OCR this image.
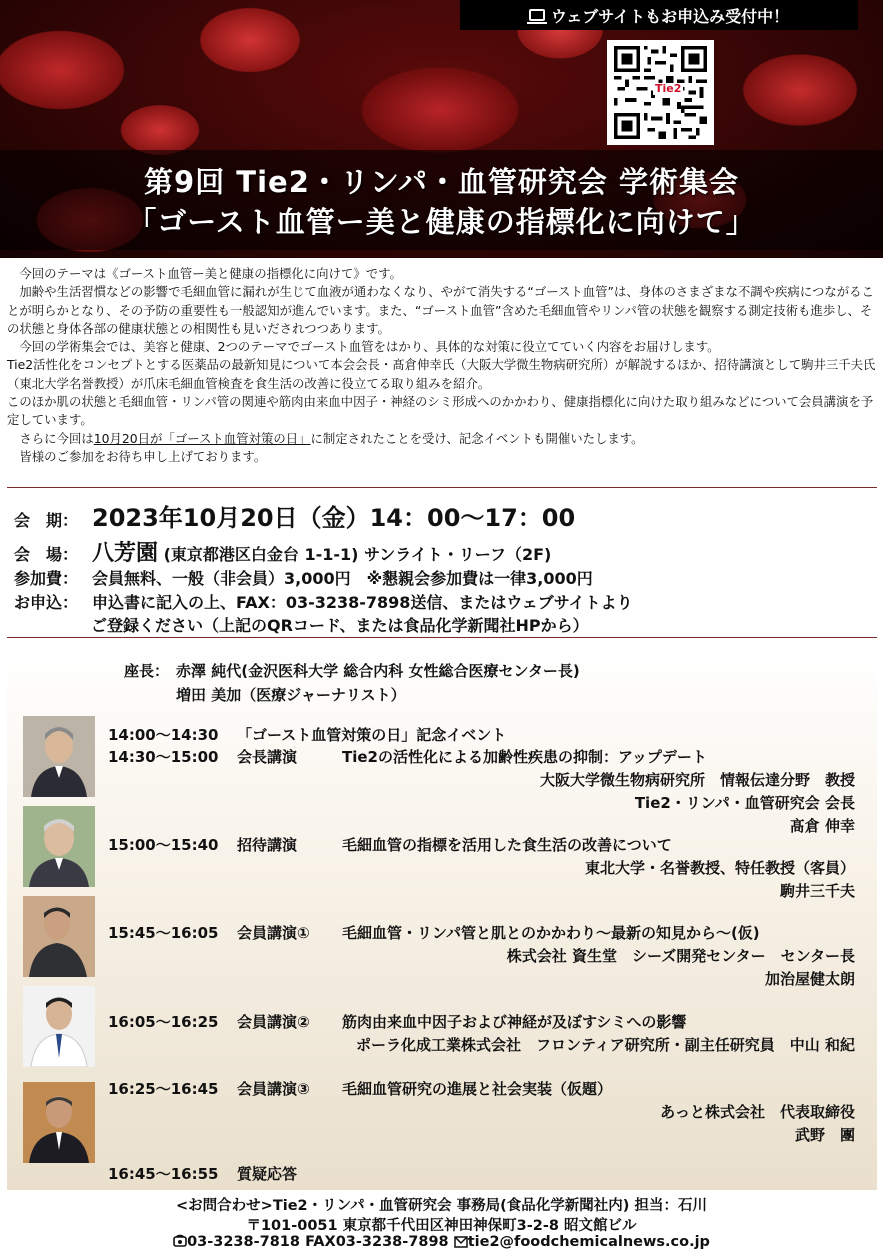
ウェブサイトもお申込み受付中！
Tie2
第9回 Tie2・リンパ・血管研究会 学術集会
「ゴースト血管ー美と健康の指標化に向けて」

　今回のテーマは《ゴースト血管ー美と健康の指標化に向けて》です。

　加齢や生活習慣などの影響で毛細血管に漏れが生じて血液が通わなくなり、やがて消失する“ゴースト血管”は、身体のさまざまな不調や疾病につながることが明らかとなり、その予防の重要性も一般認知が進んでいます。また、“ゴースト血管”含めた毛細血管やリンパ管の状態を観察する測定技術も進歩し、その状態と身体各部の健康状態との相関性も見いだされつつあります。

　今回の学術集会では、美容と健康、2つのテーマでゴースト血管をはかり、具体的な対策に役立てていく内容をお届けします。

Tie2活性化をコンセプトとする医薬品の最新知見について本会会長・髙倉伸幸氏（大阪大学微生物病研究所）が解説するほか、招待講演として駒井三千夫氏（東北大学名誉教授）が爪床毛細血管検査を食生活の改善に役立てる取り組みを紹介。

このほか肌の状態と毛細血管・リンパ管の関連や筋肉由来血中因子・神経のシミ形成へのかかわり、健康指標化に向けた取り組みなどについて会員講演を予定しています。

　さらに今回は10月20日が「ゴースト血管対策の日」に制定されたことを受け、記念イベントも開催いたします。

　皆様のご参加をお待ち申し上げております。

会　期： 2023年10月20日（金）14：00〜17：00
会　場： 八芳園 (東京都港区白金台 1-1-1) サンライト・リーフ（2F)
参加費： 会員無料、一般（非会員）3,000円　※懇親会参加費は一律3,000円
お申込： 申込書に記入の上、FAX：03-3238-7898送信、またはウェブサイトより
ご登録ください（上記のQRコード、または食品化学新聞社HPから）
座長： 赤澤 純代(金沢医科大学 総合内科 女性総合医療センター長)
増田 美加（医療ジャーナリスト）
14:00〜14:30 「ゴースト血管対策の日」記念イベント
14:30〜15:00 会長講演	Tie2の活性化による加齢性疾患の抑制：アップデート
大阪大学微生物病研究所　情報伝達分野　教授
Tie2・リンパ・血管研究会 会長
髙倉 伸幸
15:00〜15:40 招待講演	毛細血管の指標を活用した食生活の改善について
東北大学・名誉教授、特任教授（客員）
駒井三千夫
15:45〜16:05 会員講演① 毛細血管・リンパ管と肌とのかかわり〜最新の知見から〜(仮)
株式会社 資生堂　シーズ開発センター　センター長
加治屋健太朗
16:05〜16:25 会員講演② 筋肉由来血中因子および神経が及ぼすシミへの影響
ポーラ化成工業株式会社　フロンティア研究所・副主任研究員　中山 和紀
16:25〜16:45 会員講演③ 毛細血管研究の進展と社会実装（仮題）
あっと株式会社　代表取締役
武野　團
16:45〜16:55 質疑応答
<お問合わせ>Tie2・リンパ・血管研究会 事務局(食品化学新聞社内) 担当：石川
〒101-0051 東京都千代田区神田神保町3-2-8 昭文館ビル
03-3238-7818 FAX03-3238-7898 tie2@foodchemicalnews.co.jp
